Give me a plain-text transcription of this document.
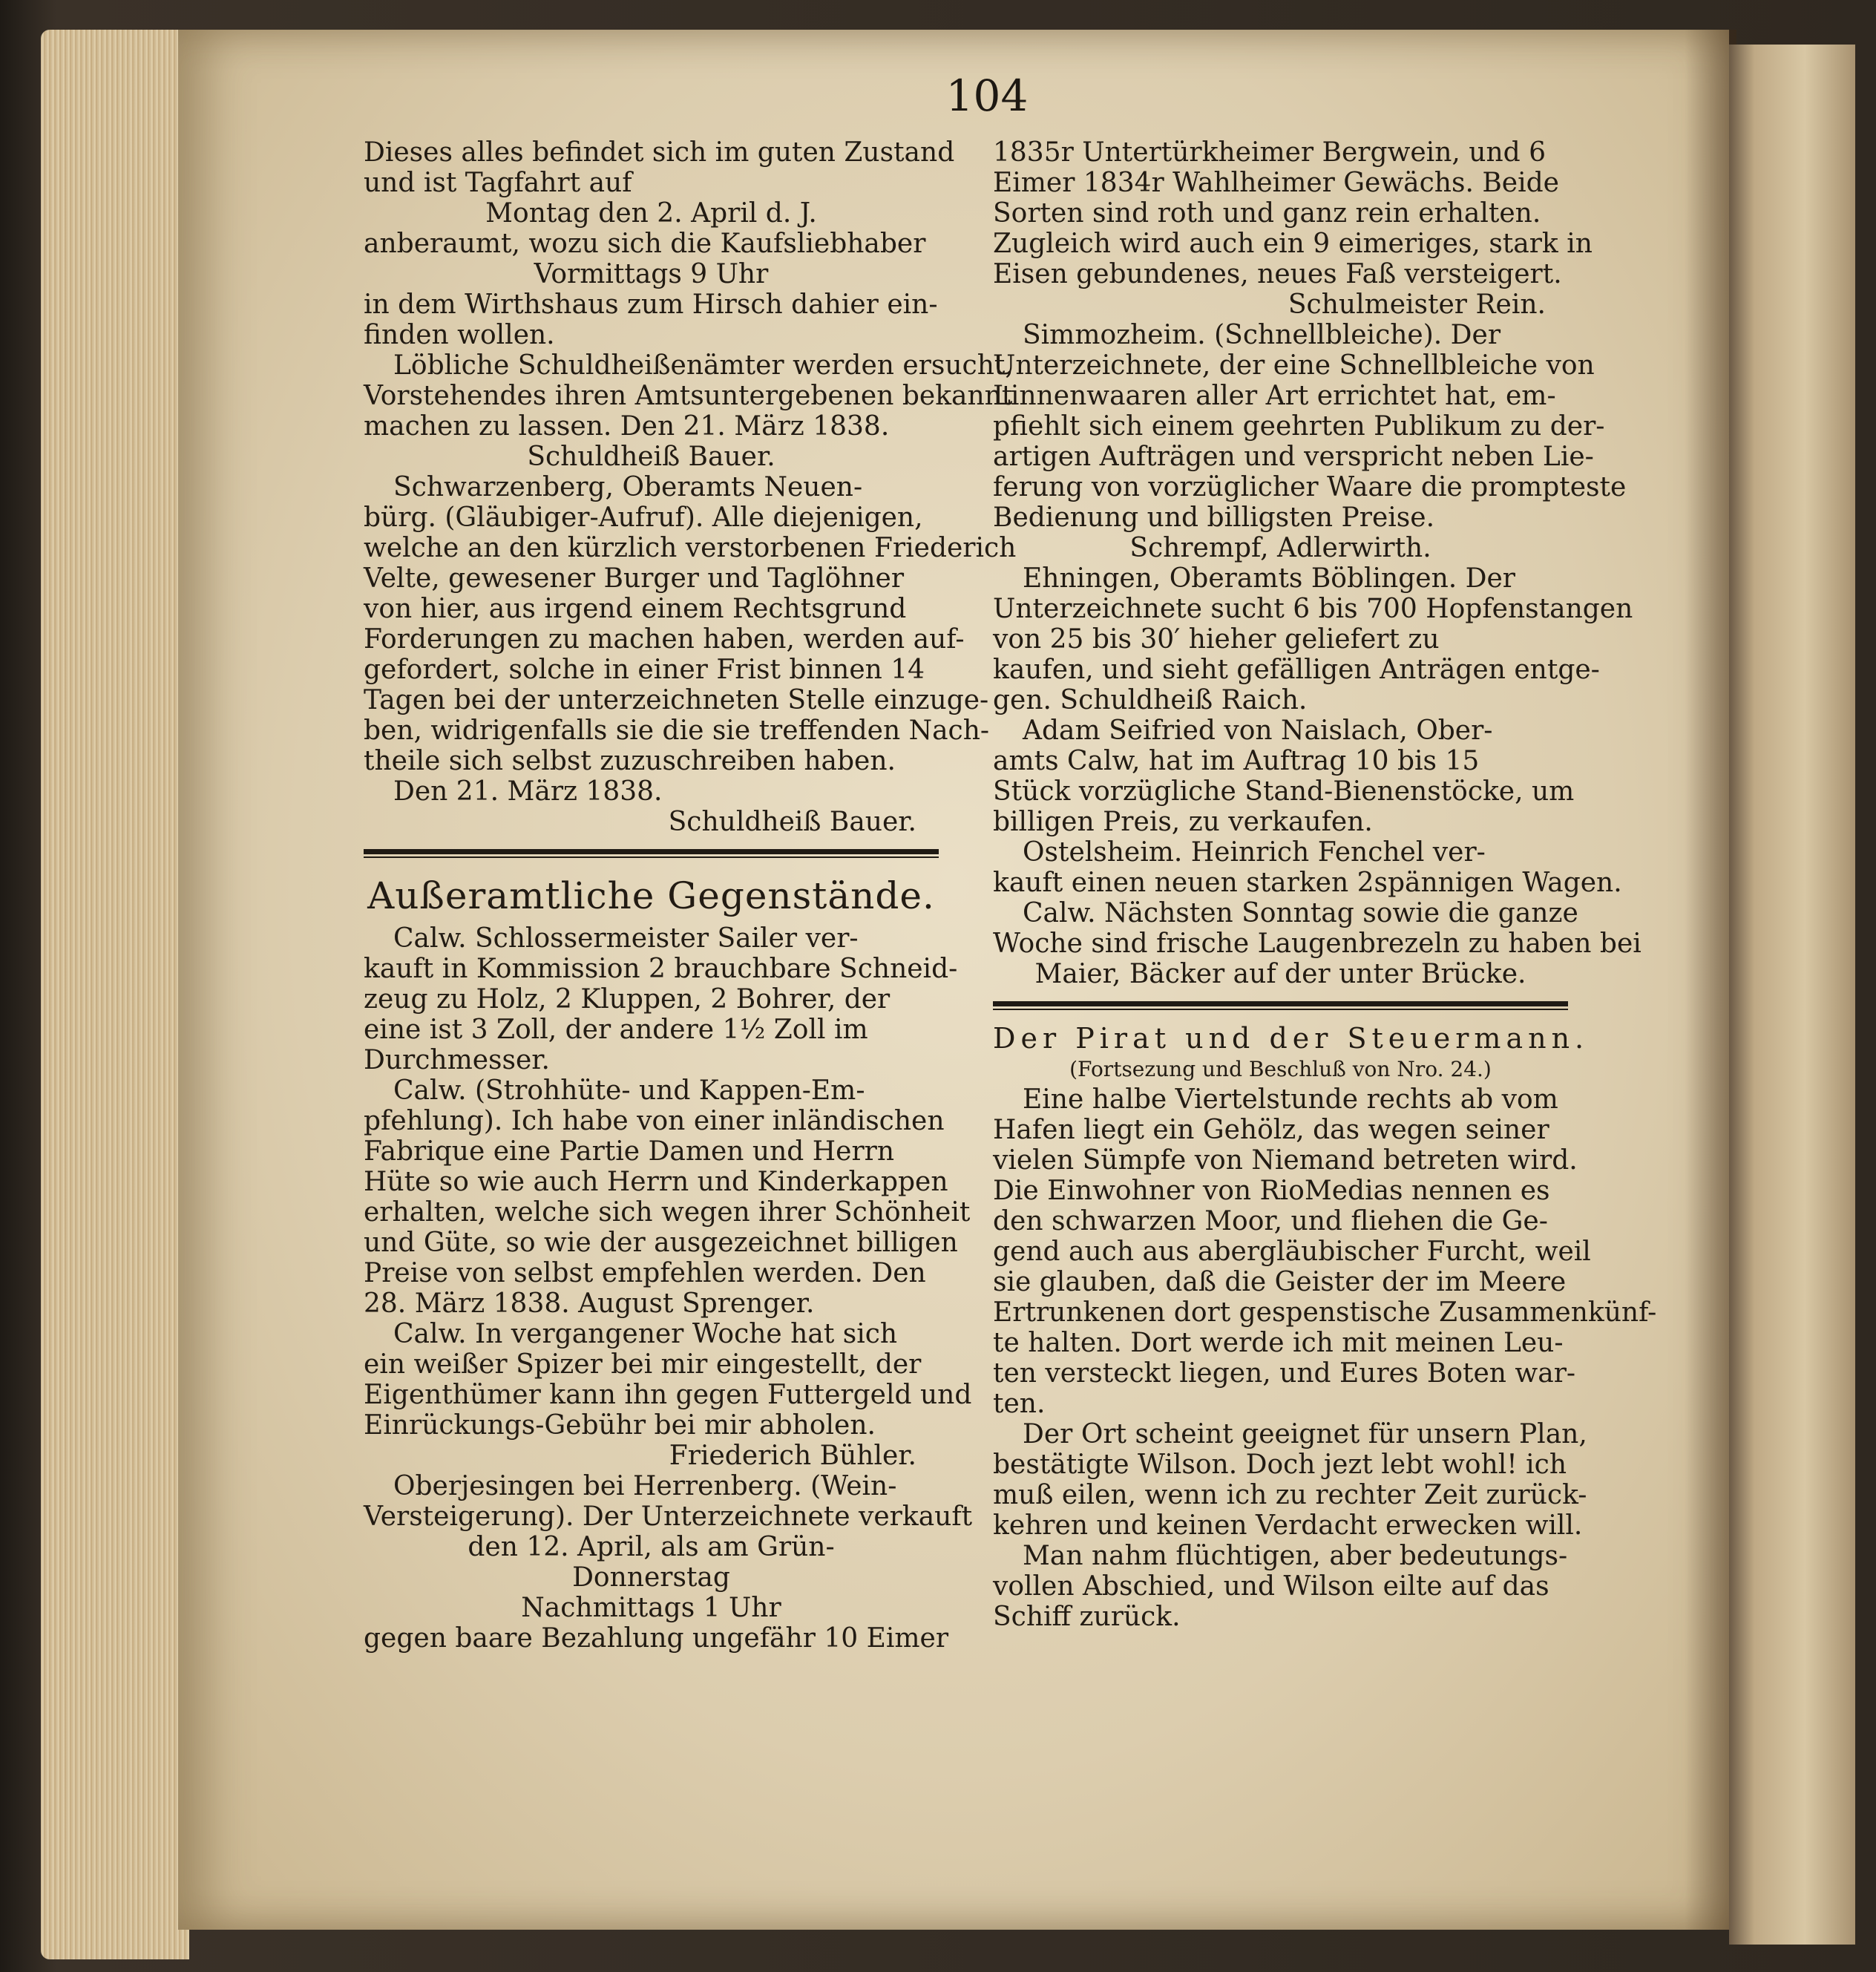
104
Dieses alles befindet sich im guten Zustand
und ist Tagfahrt auf
Montag den 2. April d. J.
anberaumt, wozu sich die Kaufsliebhaber
Vormittags 9 Uhr
in dem Wirthshaus zum Hirsch dahier ein-
finden wollen.
Löbliche Schuldheißenämter werden ersucht,
Vorstehendes ihren Amtsuntergebenen bekannt
machen zu lassen. Den 21. März 1838.
Schuldheiß Bauer.
Schwarzenberg, Oberamts Neuen-
bürg. (Gläubiger-Aufruf). Alle diejenigen,
welche an den kürzlich verstorbenen Friederich
Velte, gewesener Burger und Taglöhner
von hier, aus irgend einem Rechtsgrund
Forderungen zu machen haben, werden auf-
gefordert, solche in einer Frist binnen 14
Tagen bei der unterzeichneten Stelle einzuge-
ben, widrigenfalls sie die sie treffenden Nach-
theile sich selbst zuzuschreiben haben.
Den 21. März 1838.
Schuldheiß Bauer.
Außeramtliche Gegenstände.
Calw. Schlossermeister Sailer ver-
kauft in Kommission 2 brauchbare Schneid-
zeug zu Holz, 2 Kluppen, 2 Bohrer, der
eine ist 3 Zoll, der andere 1½ Zoll im
Durchmesser.
Calw. (Strohhüte- und Kappen-Em-
pfehlung). Ich habe von einer inländischen
Fabrique eine Partie Damen und Herrn
Hüte so wie auch Herrn und Kinderkappen
erhalten, welche sich wegen ihrer Schönheit
und Güte, so wie der ausgezeichnet billigen
Preise von selbst empfehlen werden. Den
28. März 1838. August Sprenger.
Calw. In vergangener Woche hat sich
ein weißer Spizer bei mir eingestellt, der
Eigenthümer kann ihn gegen Futtergeld und
Einrückungs-Gebühr bei mir abholen.
Friederich Bühler.
Oberjesingen bei Herrenberg. (Wein-
Versteigerung). Der Unterzeichnete verkauft
den 12. April, als am Grün-
Donnerstag
Nachmittags 1 Uhr
gegen baare Bezahlung ungefähr 10 Eimer
1835r Untertürkheimer Bergwein, und 6
Eimer 1834r Wahlheimer Gewächs. Beide
Sorten sind roth und ganz rein erhalten.
Zugleich wird auch ein 9 eimeriges, stark in
Eisen gebundenes, neues Faß versteigert.
Schulmeister Rein.
Simmozheim. (Schnellbleiche). Der
Unterzeichnete, der eine Schnellbleiche von
Linnenwaaren aller Art errichtet hat, em-
pfiehlt sich einem geehrten Publikum zu der-
artigen Aufträgen und verspricht neben Lie-
ferung von vorzüglicher Waare die prompteste
Bedienung und billigsten Preise.
Schrempf, Adlerwirth.
Ehningen, Oberamts Böblingen. Der
Unterzeichnete sucht 6 bis 700 Hopfenstangen
von 25 bis 30′ hieher geliefert zu
kaufen, und sieht gefälligen Anträgen entge-
gen. Schuldheiß Raich.
Adam Seifried von Naislach, Ober-
amts Calw, hat im Auftrag 10 bis 15
Stück vorzügliche Stand-Bienenstöcke, um
billigen Preis, zu verkaufen.
Ostelsheim. Heinrich Fenchel ver-
kauft einen neuen starken 2spännigen Wagen.
Calw. Nächsten Sonntag sowie die ganze
Woche sind frische Laugenbrezeln zu haben bei
Maier, Bäcker auf der unter Brücke.
Der Pirat und der Steuermann.
(Fortsezung und Beschluß von Nro. 24.)
Eine halbe Viertelstunde rechts ab vom
Hafen liegt ein Gehölz, das wegen seiner
vielen Sümpfe von Niemand betreten wird.
Die Einwohner von RioMedias nennen es
den schwarzen Moor, und fliehen die Ge-
gend auch aus abergläubischer Furcht, weil
sie glauben, daß die Geister der im Meere
Ertrunkenen dort gespenstische Zusammenkünf-
te halten. Dort werde ich mit meinen Leu-
ten versteckt liegen, und Eures Boten war-
ten.
Der Ort scheint geeignet für unsern Plan,
bestätigte Wilson. Doch jezt lebt wohl! ich
muß eilen, wenn ich zu rechter Zeit zurück-
kehren und keinen Verdacht erwecken will.
Man nahm flüchtigen, aber bedeutungs-
vollen Abschied, und Wilson eilte auf das
Schiff zurück.
